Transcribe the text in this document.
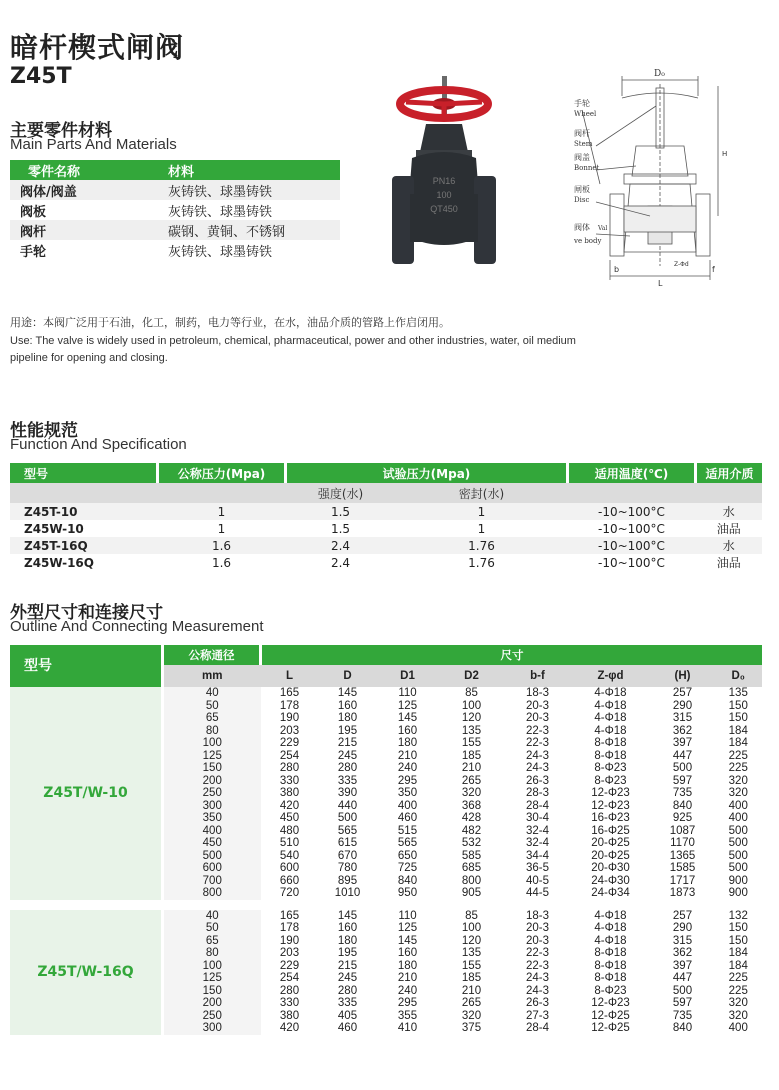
暗杆楔式闸阀
Z45T
主要零件材料
Main Parts And Materials
零件名称	材料
阀体/阀盖	灰铸铁、球墨铸铁
阀板	灰铸铁、球墨铸铁
阀杆	碳钢、黄铜、不锈钢
手轮	灰铸铁、球墨铸铁
PN16
100
QT450
D₀
手轮
Wheel
阀杆
Stem
阀盖
Bonnet
闸板
Disc
阀体 Val
ve body
H
b	f
L
Z-Φd
用途：本阀广泛用于石油，化工，制药，电力等行业，在水，油品介质的管路上作启闭用。
Use: The valve is widely used in petroleum, chemical, pharmaceutical, power and other industries, water, oil medium
pipeline for opening and closing.
性能规范
Function And Specification
型号	公称压力(Mpa)	试验压力(Mpa)		适用温度(℃)	适用介质
		强度(水)	密封(水)		
Z45T-10	1	1.5	1	-10~100°C	水
Z45W-10	1	1.5	1	-10~100°C	油品
Z45T-16Q	1.6	2.4	1.76	-10~100°C	水
Z45W-16Q	1.6	2.4	1.76	-10~100°C	油品
外型尺寸和连接尺寸
Outline And Connecting Measurement
型号	公称通径	尺寸							
	mm	L	D	D1	D2	b-f	Z-φd	(H)	D₀
Z45T/W-10	40	165	145	110	85	18-3	4-Φ18	257	135
	50	178	160	125	100	20-3	4-Φ18	290	150
	65	190	180	145	120	20-3	4-Φ18	315	150
	80	203	195	160	135	22-3	4-Φ18	362	184
	100	229	215	180	155	22-3	8-Φ18	397	184
	125	254	245	210	185	24-3	8-Φ18	447	225
	150	280	280	240	210	24-3	8-Φ23	500	225
	200	330	335	295	265	26-3	8-Φ23	597	320
	250	380	390	350	320	28-3	12-Φ23	735	320
	300	420	440	400	368	28-4	12-Φ23	840	400
	350	450	500	460	428	30-4	16-Φ23	925	400
	400	480	565	515	482	32-4	16-Φ25	1087	500
	450	510	615	565	532	32-4	20-Φ25	1170	500
	500	540	670	650	585	34-4	20-Φ25	1365	500
	600	600	780	725	685	36-5	20-Φ30	1585	500
	700	660	895	840	800	40-5	24-Φ30	1717	900
	800	720	1010	950	905	44-5	24-Φ34	1873	900

Z45T/W-16Q	40	165	145	110	85	18-3	4-Φ18	257	132
	50	178	160	125	100	20-3	4-Φ18	290	150
	65	190	180	145	120	20-3	4-Φ18	315	150
	80	203	195	160	135	22-3	8-Φ18	362	184
	100	229	215	180	155	22-3	8-Φ18	397	184
	125	254	245	210	185	24-3	8-Φ18	447	225
	150	280	280	240	210	24-3	8-Φ23	500	225
	200	330	335	295	265	26-3	12-Φ23	597	320
	250	380	405	355	320	27-3	12-Φ25	735	320
	300	420	460	410	375	28-4	12-Φ25	840	400
